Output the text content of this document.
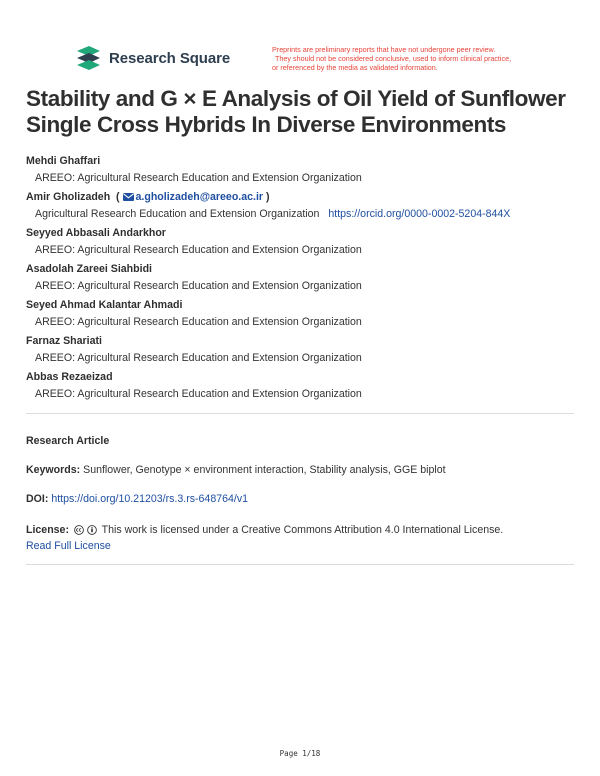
Research Square	Preprints are preliminary reports that have not undergone peer review.
They should not be considered conclusive, used to inform clinical practice,
or referenced by the media as validated information.
Stability and G × E Analysis of Oil Yield of Sunflower Single Cross Hybrids In Diverse Environments
Mehdi Ghaffari
AREEO: Agricultural Research Education and Extension Organization
Amir Gholizadeh  ( a.gholizadeh@areeo.ac.ir )
Agricultural Research Education and Extension Organization https://orcid.org/0000-0002-5204-844X
Seyyed Abbasali Andarkhor
AREEO: Agricultural Research Education and Extension Organization
Asadolah Zareei Siahbidi
AREEO: Agricultural Research Education and Extension Organization
Seyed Ahmad Kalantar Ahmadi
AREEO: Agricultural Research Education and Extension Organization
Farnaz Shariati
AREEO: Agricultural Research Education and Extension Organization
Abbas Rezaeizad
AREEO: Agricultural Research Education and Extension Organization
Research Article
Keywords: Sunflower, Genotype × environment interaction, Stability analysis, GGE biplot
DOI: https://doi.org/10.21203/rs.3.rs-648764/v1
License:	This work is licensed under a Creative Commons Attribution 4.0 International License.
Read Full License
Page 1/18
